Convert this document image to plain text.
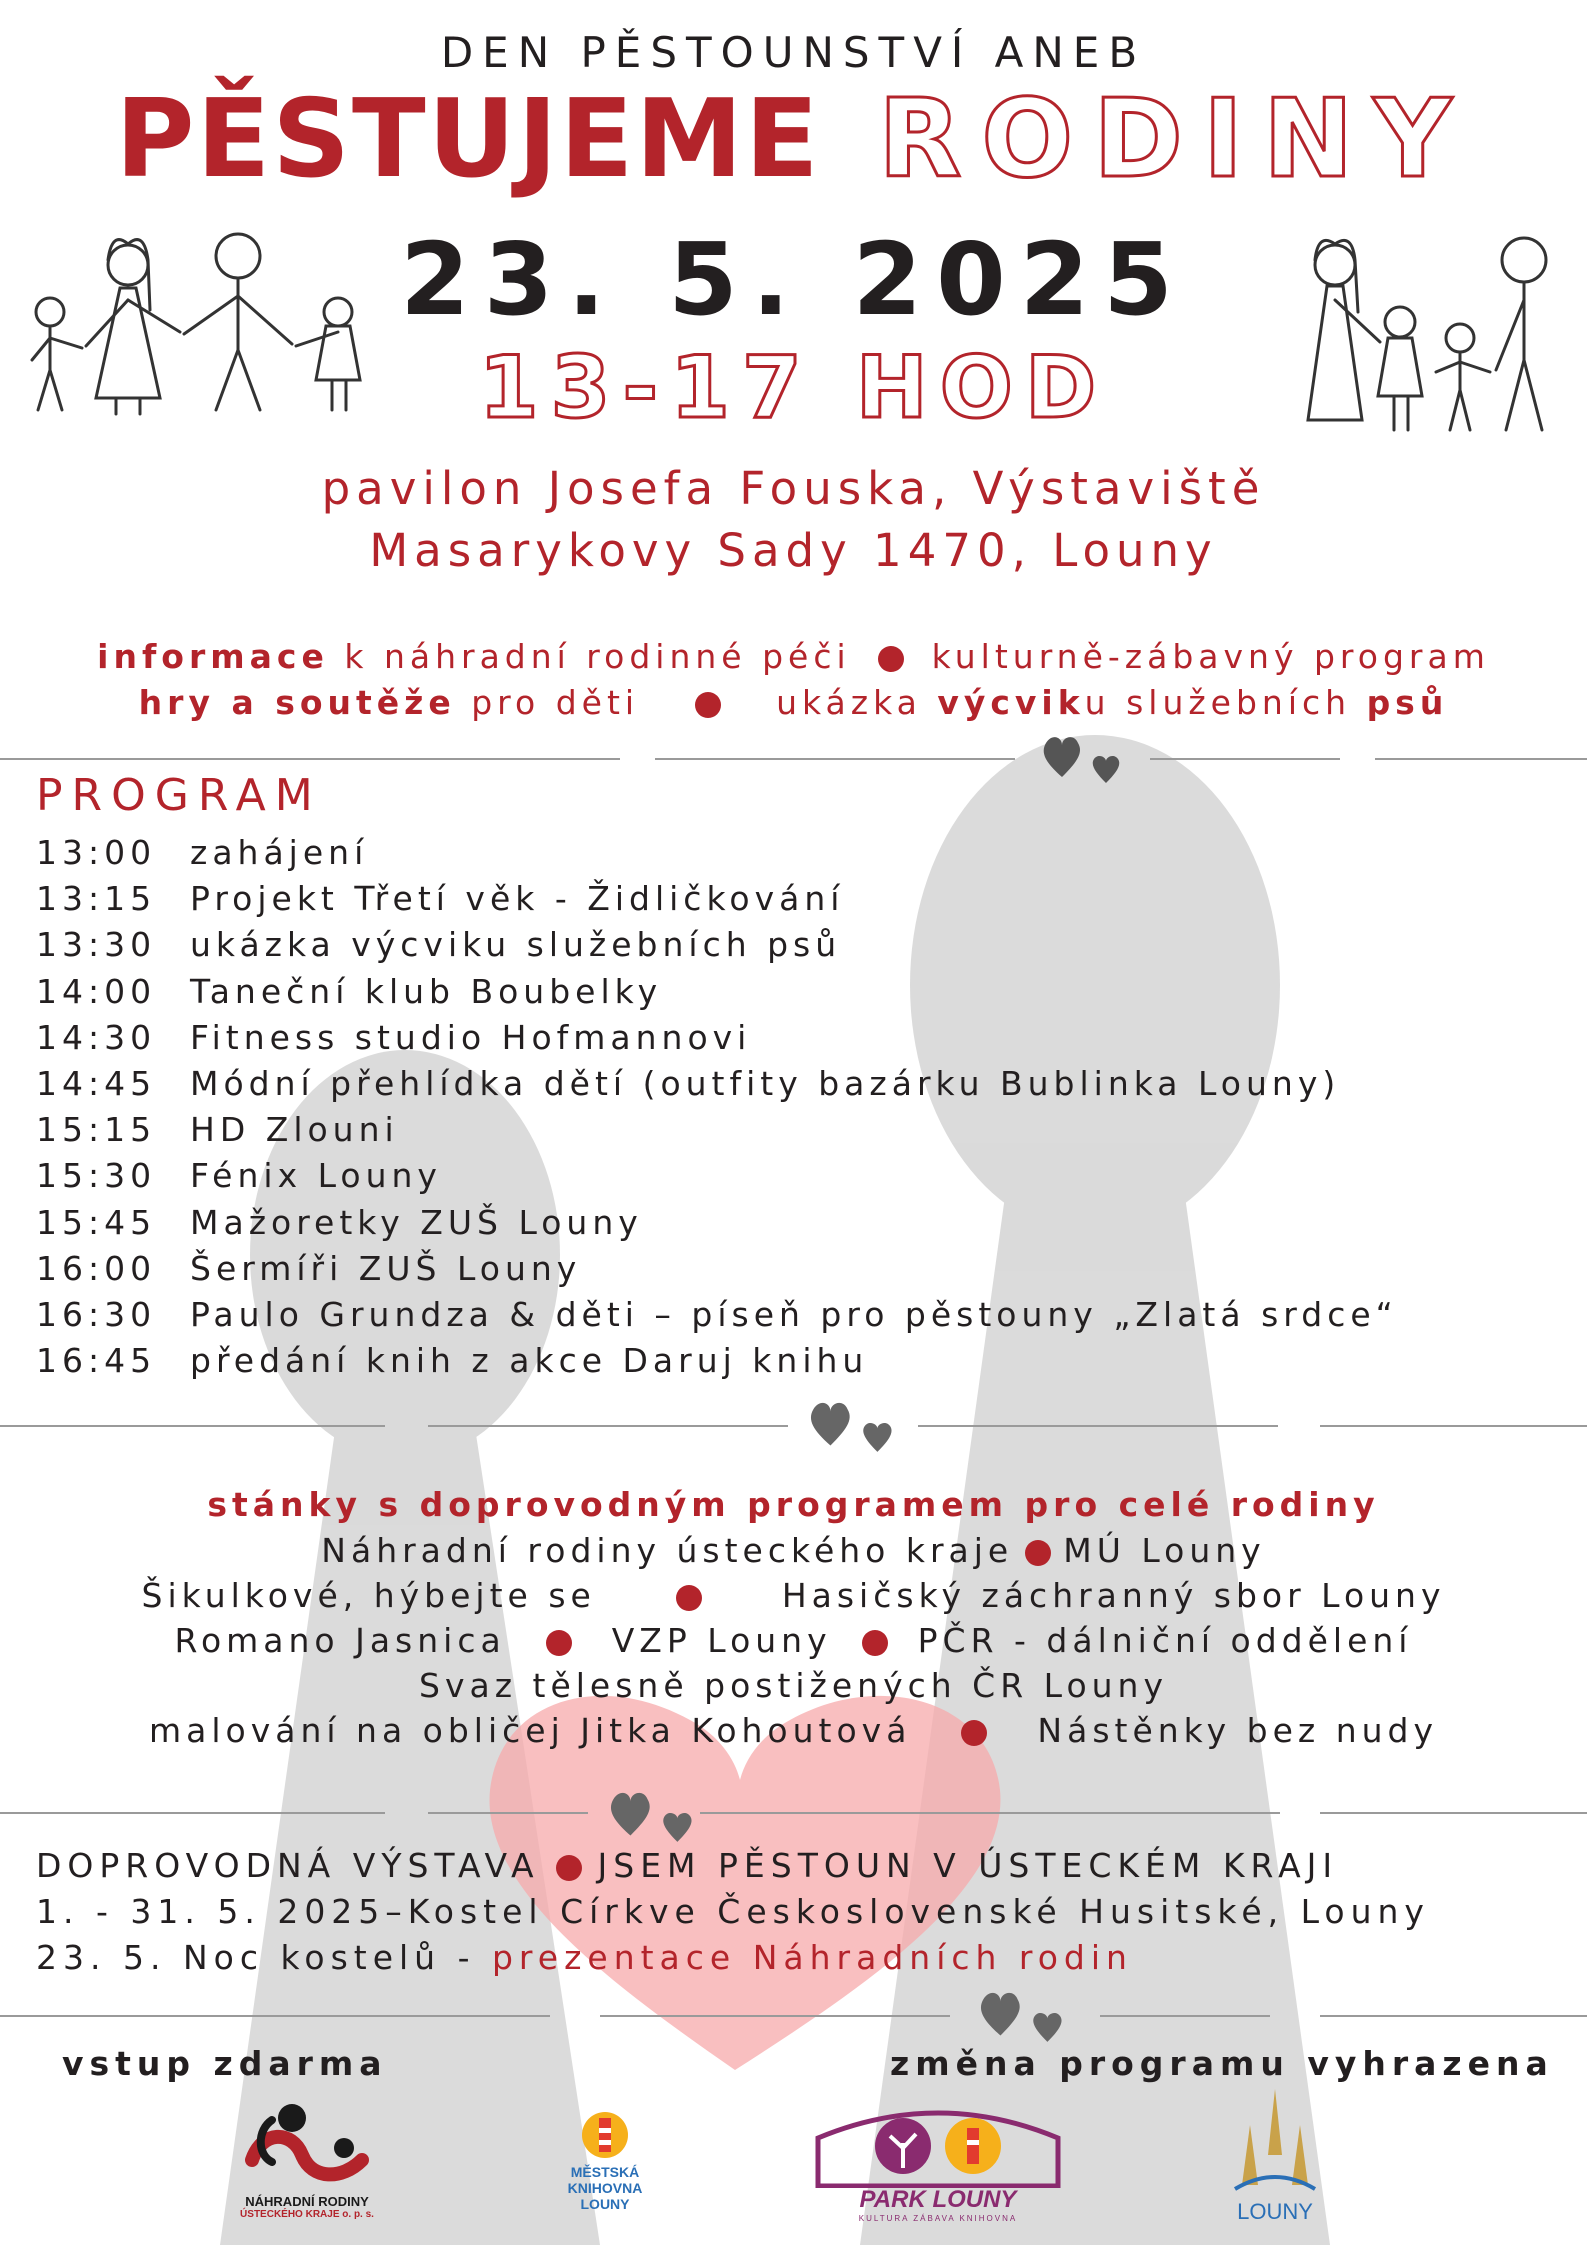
DEN PĚSTOUNSTVÍ ANEB
PĚSTUJEME RODINY
23. 5. 2025
13-17 HOD
pavilon Josefa Fouska, Výstaviště
Masarykovy Sady 1470, Louny
informace k náhradní rodinné péči kulturně-zábavný program
hry a soutěže pro děti	ukázka výcviku služebních psů
PROGRAM
13:00 zahájení
13:15 Projekt Třetí věk - Židličkování
13:30 ukázka výcviku služebních psů
14:00 Taneční klub Boubelky
14:30 Fitness studio Hofmannovi
14:45 Módní přehlídka dětí (outfity bazárku Bublinka Louny)
15:15 HD Zlouni
15:30 Fénix Louny
15:45 Mažoretky ZUŠ Louny
16:00 Šermíři ZUŠ Louny
16:30 Paulo Grundza & děti – píseň pro pěstouny „Zlatá srdce“
16:45 předání knih z akce Daruj knihu
stánky s doprovodným programem pro celé rodiny
Náhradní rodiny ústeckého kraje MÚ Louny
Šikulkové, hýbejte se	Hasičský záchranný sbor Louny
Romano Jasnica	VZP Louny	PČR - dálniční oddělení
Svaz tělesně postižených ČR Louny
malování na obličej Jitka Kohoutová	Nástěnky bez nudy
DOPROVODNÁ VÝSTAVA JSEM PĚSTOUN V ÚSTECKÉM KRAJI
1. - 31. 5. 2025–Kostel Církve Československé Husitské, Louny
23. 5. Noc kostelů - prezentace Náhradních rodin
vstup zdarma	změna programu vyhrazena
NÁHRADNÍ RODINY
ÚSTECKÉHO KRAJE o. p. s.
MĚSTSKÁ
KNIHOVNA
LOUNY	PARK LOUNY
KULTURA ZÁBAVA KNIHOVNA	LOUNY
